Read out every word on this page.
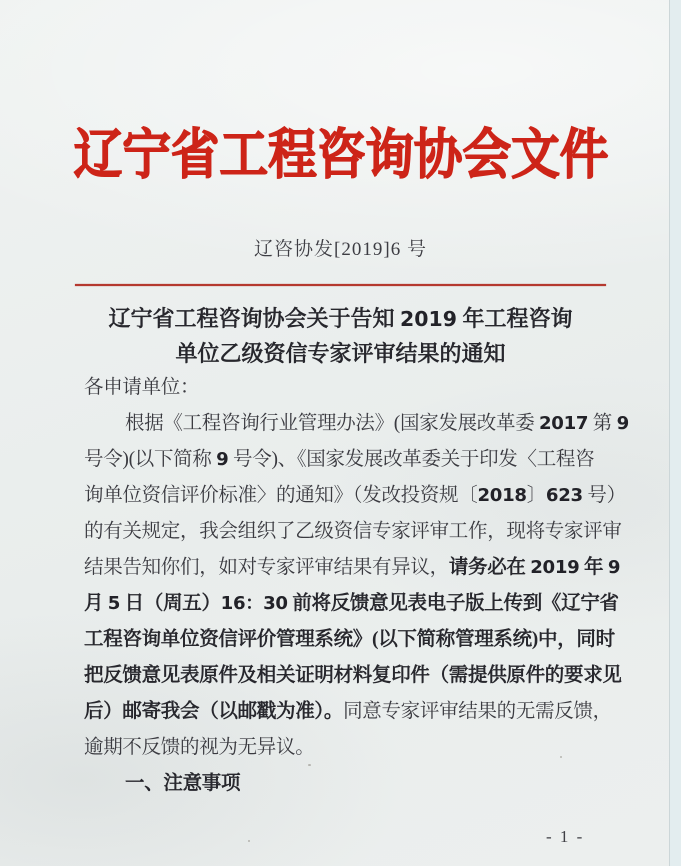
辽宁省工程咨询协会文件
辽咨协发[2019]6 号
辽宁省工程咨询协会关于告知 2019 年工程咨询
单位乙级资信专家评审结果的通知
各申请单位：
根据《工程咨询行业管理办法》(国家发展改革委 2017 第 9
号令)(以下简称 9 号令)、《国家发展改革委关于印发〈工程咨
询单位资信评价标准〉的通知》（发改投资规〔2018〕623 号）
的有关规定，我会组织了乙级资信专家评审工作，现将专家评审
结果告知你们，如对专家评审结果有异议，请务必在 2019 年 9
月 5 日（周五）16：30 前将反馈意见表电子版上传到《辽宁省
工程咨询单位资信评价管理系统》(以下简称管理系统)中，同时
把反馈意见表原件及相关证明材料复印件（需提供原件的要求见
后）邮寄我会（以邮戳为准）。同意专家评审结果的无需反馈，
逾期不反馈的视为无异议。
一、注意事项
- 1 -
